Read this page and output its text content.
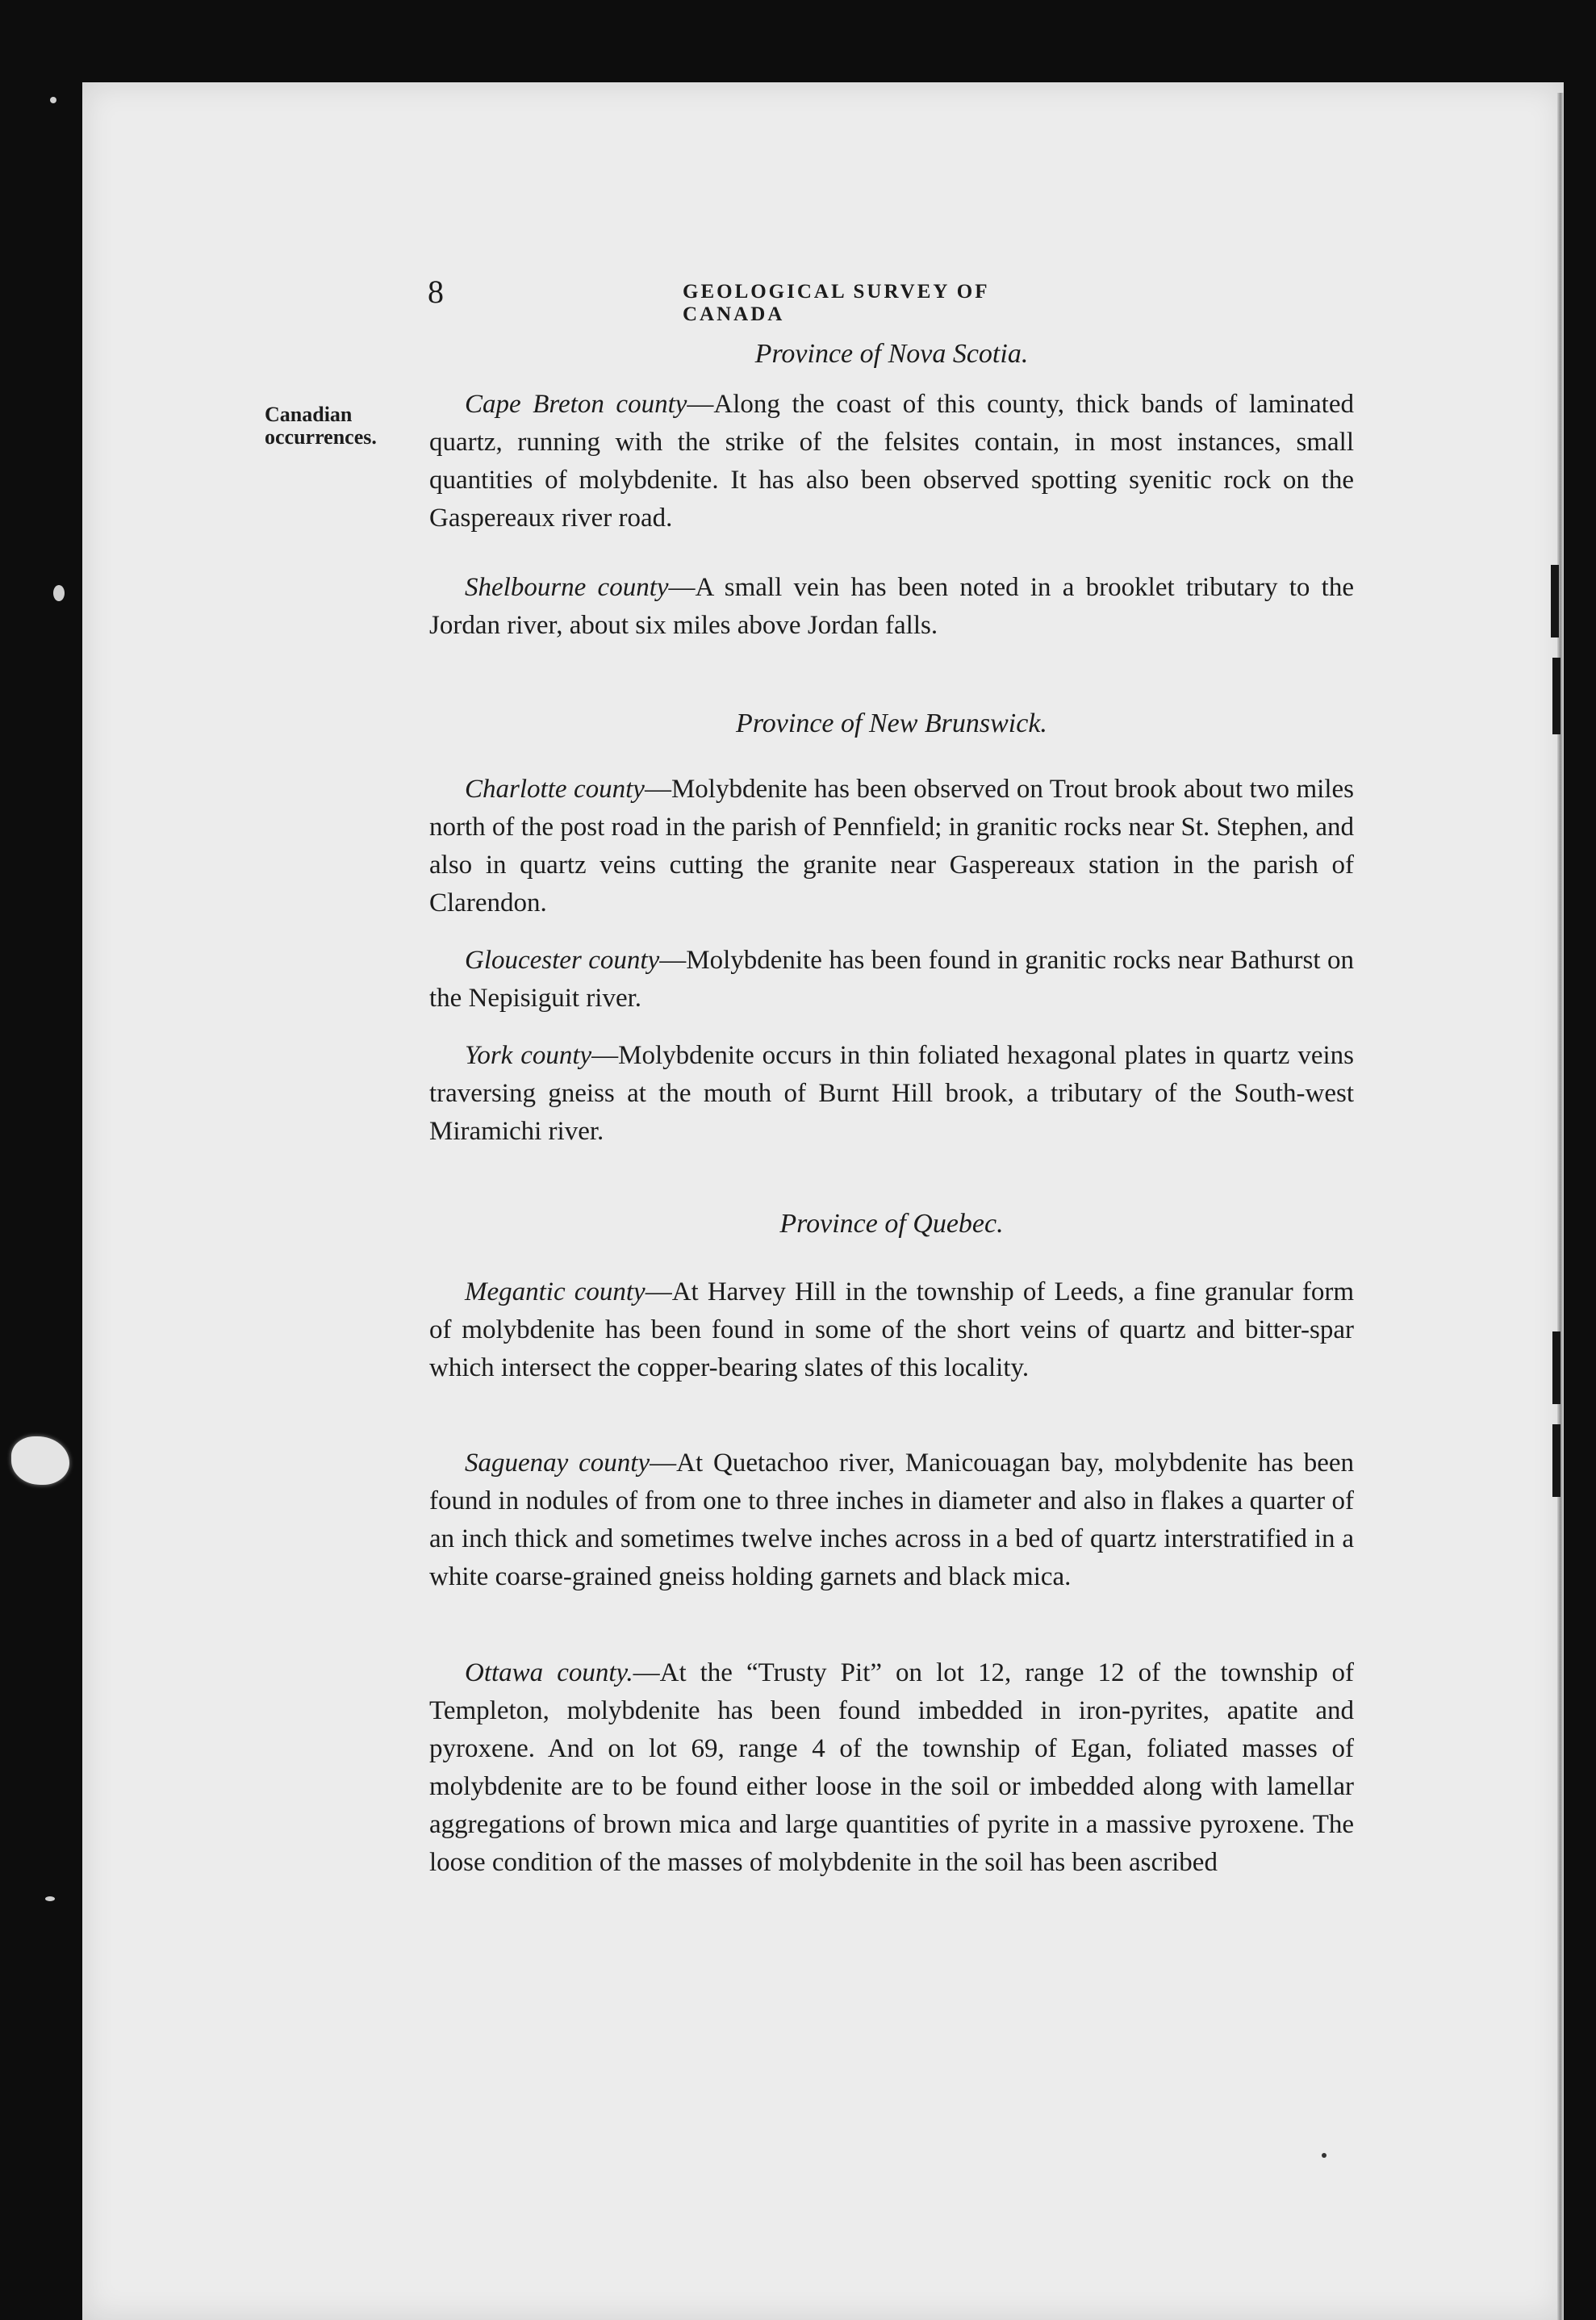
8	GEOLOGICAL SURVEY OF CANADA
Canadian
occurrences.
Province of Nova Scotia.

Cape Breton county—Along the coast of this county, thick bands of laminated quartz, running with the strike of the felsites contain, in most instances, small quantities of molybdenite. It has also been observed spotting syenitic rock on the Gaspereaux river road.

Shelbourne county—A small vein has been noted in a brooklet tributary to the Jordan river, about six miles above Jordan falls.

Province of New Brunswick.

Charlotte county—Molybdenite has been observed on Trout brook about two miles north of the post road in the parish of Pennfield; in granitic rocks near St. Stephen, and also in quartz veins cutting the granite near Gaspereaux station in the parish of Clarendon.

Gloucester county—Molybdenite has been found in granitic rocks near Bathurst on the Nepisiguit river.

York county—Molybdenite occurs in thin foliated hexagonal plates in quartz veins traversing gneiss at the mouth of Burnt Hill brook, a tributary of the South-west Miramichi river.

Province of Quebec.

Megantic county—At Harvey Hill in the township of Leeds, a fine granular form of molybdenite has been found in some of the short veins of quartz and bitter-spar which intersect the copper-bearing slates of this locality.

Saguenay county—At Quetachoo river, Manicouagan bay, molybdenite has been found in nodules of from one to three inches in diameter and also in flakes a quarter of an inch thick and sometimes twelve inches across in a bed of quartz interstratified in a white coarse-grained gneiss holding garnets and black mica.

Ottawa county.—At the “Trusty Pit” on lot 12, range 12 of the township of Templeton, molybdenite has been found imbedded in iron-pyrites, apatite and pyroxene. And on lot 69, range 4 of the township of Egan, foliated masses of molybdenite are to be found either loose in the soil or imbedded along with lamellar aggregations of brown mica and large quantities of pyrite in a massive pyroxene. The loose condition of the masses of molybdenite in the soil has been ascribed
